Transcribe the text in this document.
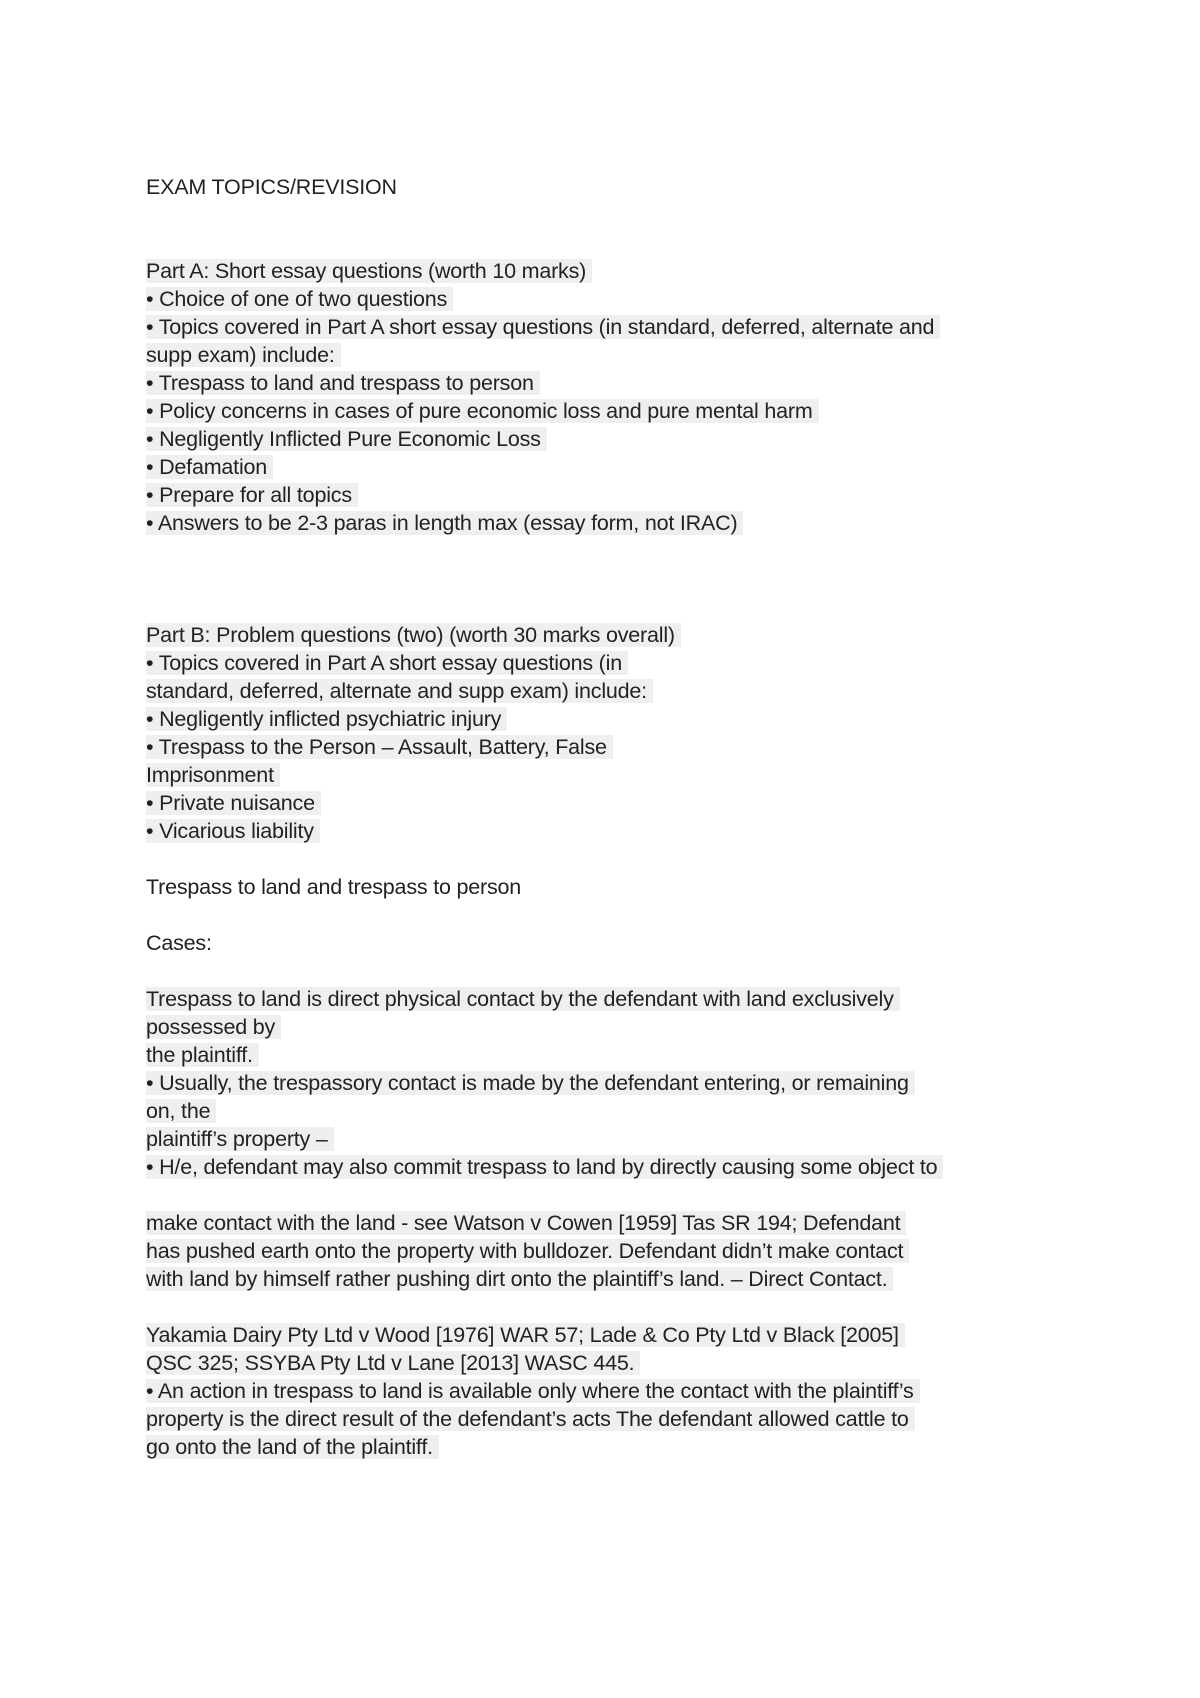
EXAM TOPICS/REVISION
Part A: Short essay questions (worth 10 marks)
• Choice of one of two questions
• Topics covered in Part A short essay questions (in standard, deferred, alternate and
supp exam) include:
• Trespass to land and trespass to person
• Policy concerns in cases of pure economic loss and pure mental harm
• Negligently Inflicted Pure Economic Loss
• Defamation
• Prepare for all topics
• Answers to be 2-3 paras in length max (essay form, not IRAC)
Part B: Problem questions (two) (worth 30 marks overall)
• Topics covered in Part A short essay questions (in
standard, deferred, alternate and supp exam) include:
• Negligently inflicted psychiatric injury
• Trespass to the Person – Assault, Battery, False
Imprisonment
• Private nuisance
• Vicarious liability
Trespass to land and trespass to person
Cases:
Trespass to land is direct physical contact by the defendant with land exclusively
possessed by
the plaintiff.
• Usually, the trespassory contact is made by the defendant entering, or remaining
on, the
plaintiff’s property –
• H/e, defendant may also commit trespass to land by directly causing some object to
make contact with the land - see Watson v Cowen [1959] Tas SR 194; Defendant
has pushed earth onto the property with bulldozer. Defendant didn’t make contact
with land by himself rather pushing dirt onto the plaintiff’s land. – Direct Contact.
Yakamia Dairy Pty Ltd v Wood [1976] WAR 57; Lade & Co Pty Ltd v Black [2005]
QSC 325; SSYBA Pty Ltd v Lane [2013] WASC 445.
• An action in trespass to land is available only where the contact with the plaintiff’s
property is the direct result of the defendant’s acts The defendant allowed cattle to
go onto the land of the plaintiff.
